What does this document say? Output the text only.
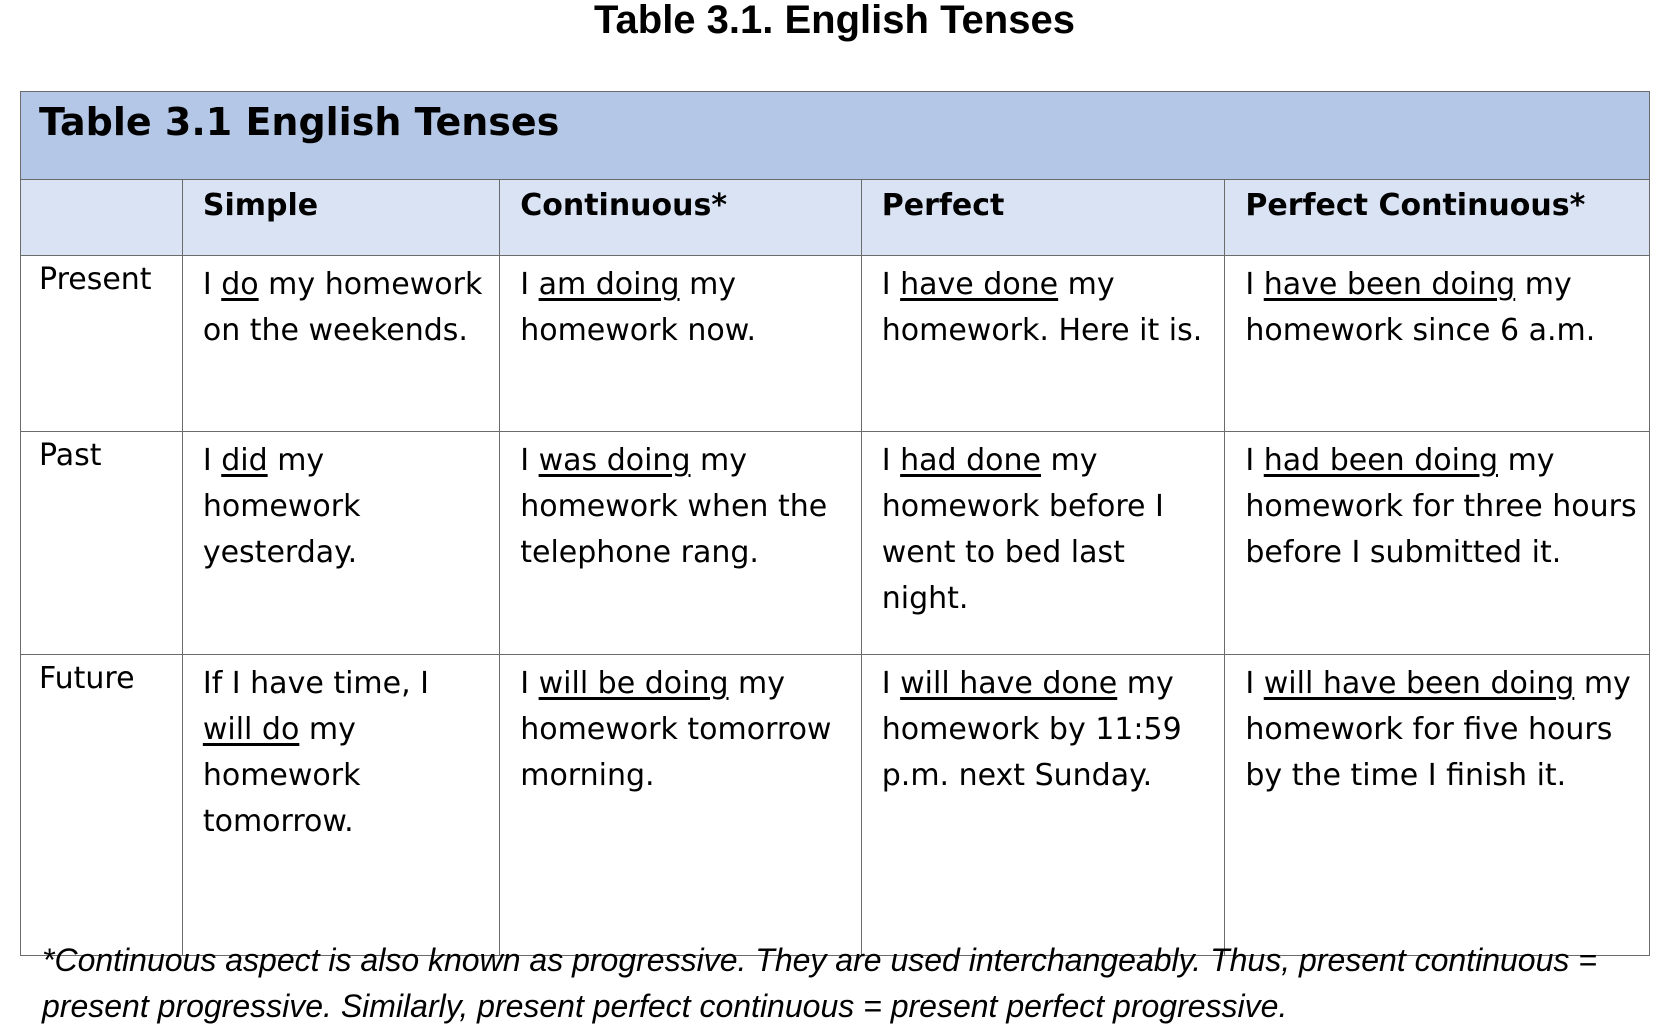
Table 3.1. English Tenses
Table 3.1 English Tenses				
	Simple	Continuous*	Perfect	Perfect Continuous*
Present	I do my homework on the weekends.	I am doing my homework now.	I have done my homework. Here it is.	I have been doing my homework since 6 a.m.
Past	I did my homework yesterday.	I was doing my homework when the telephone rang.	I had done my homework before I went to bed last night.	I had been doing my homework for three hours before I submitted it.
Future	If I have time, I will do my homework tomorrow.	I will be doing my homework tomorrow morning.	I will have done my homework by 11:59 p.m. next Sunday.	I will have been doing my homework for five hours by the time I finish it.
*Continuous aspect is also known as progressive. They are used interchangeably. Thus, present continuous = present progressive. Similarly, present perfect continuous = present perfect progressive.
